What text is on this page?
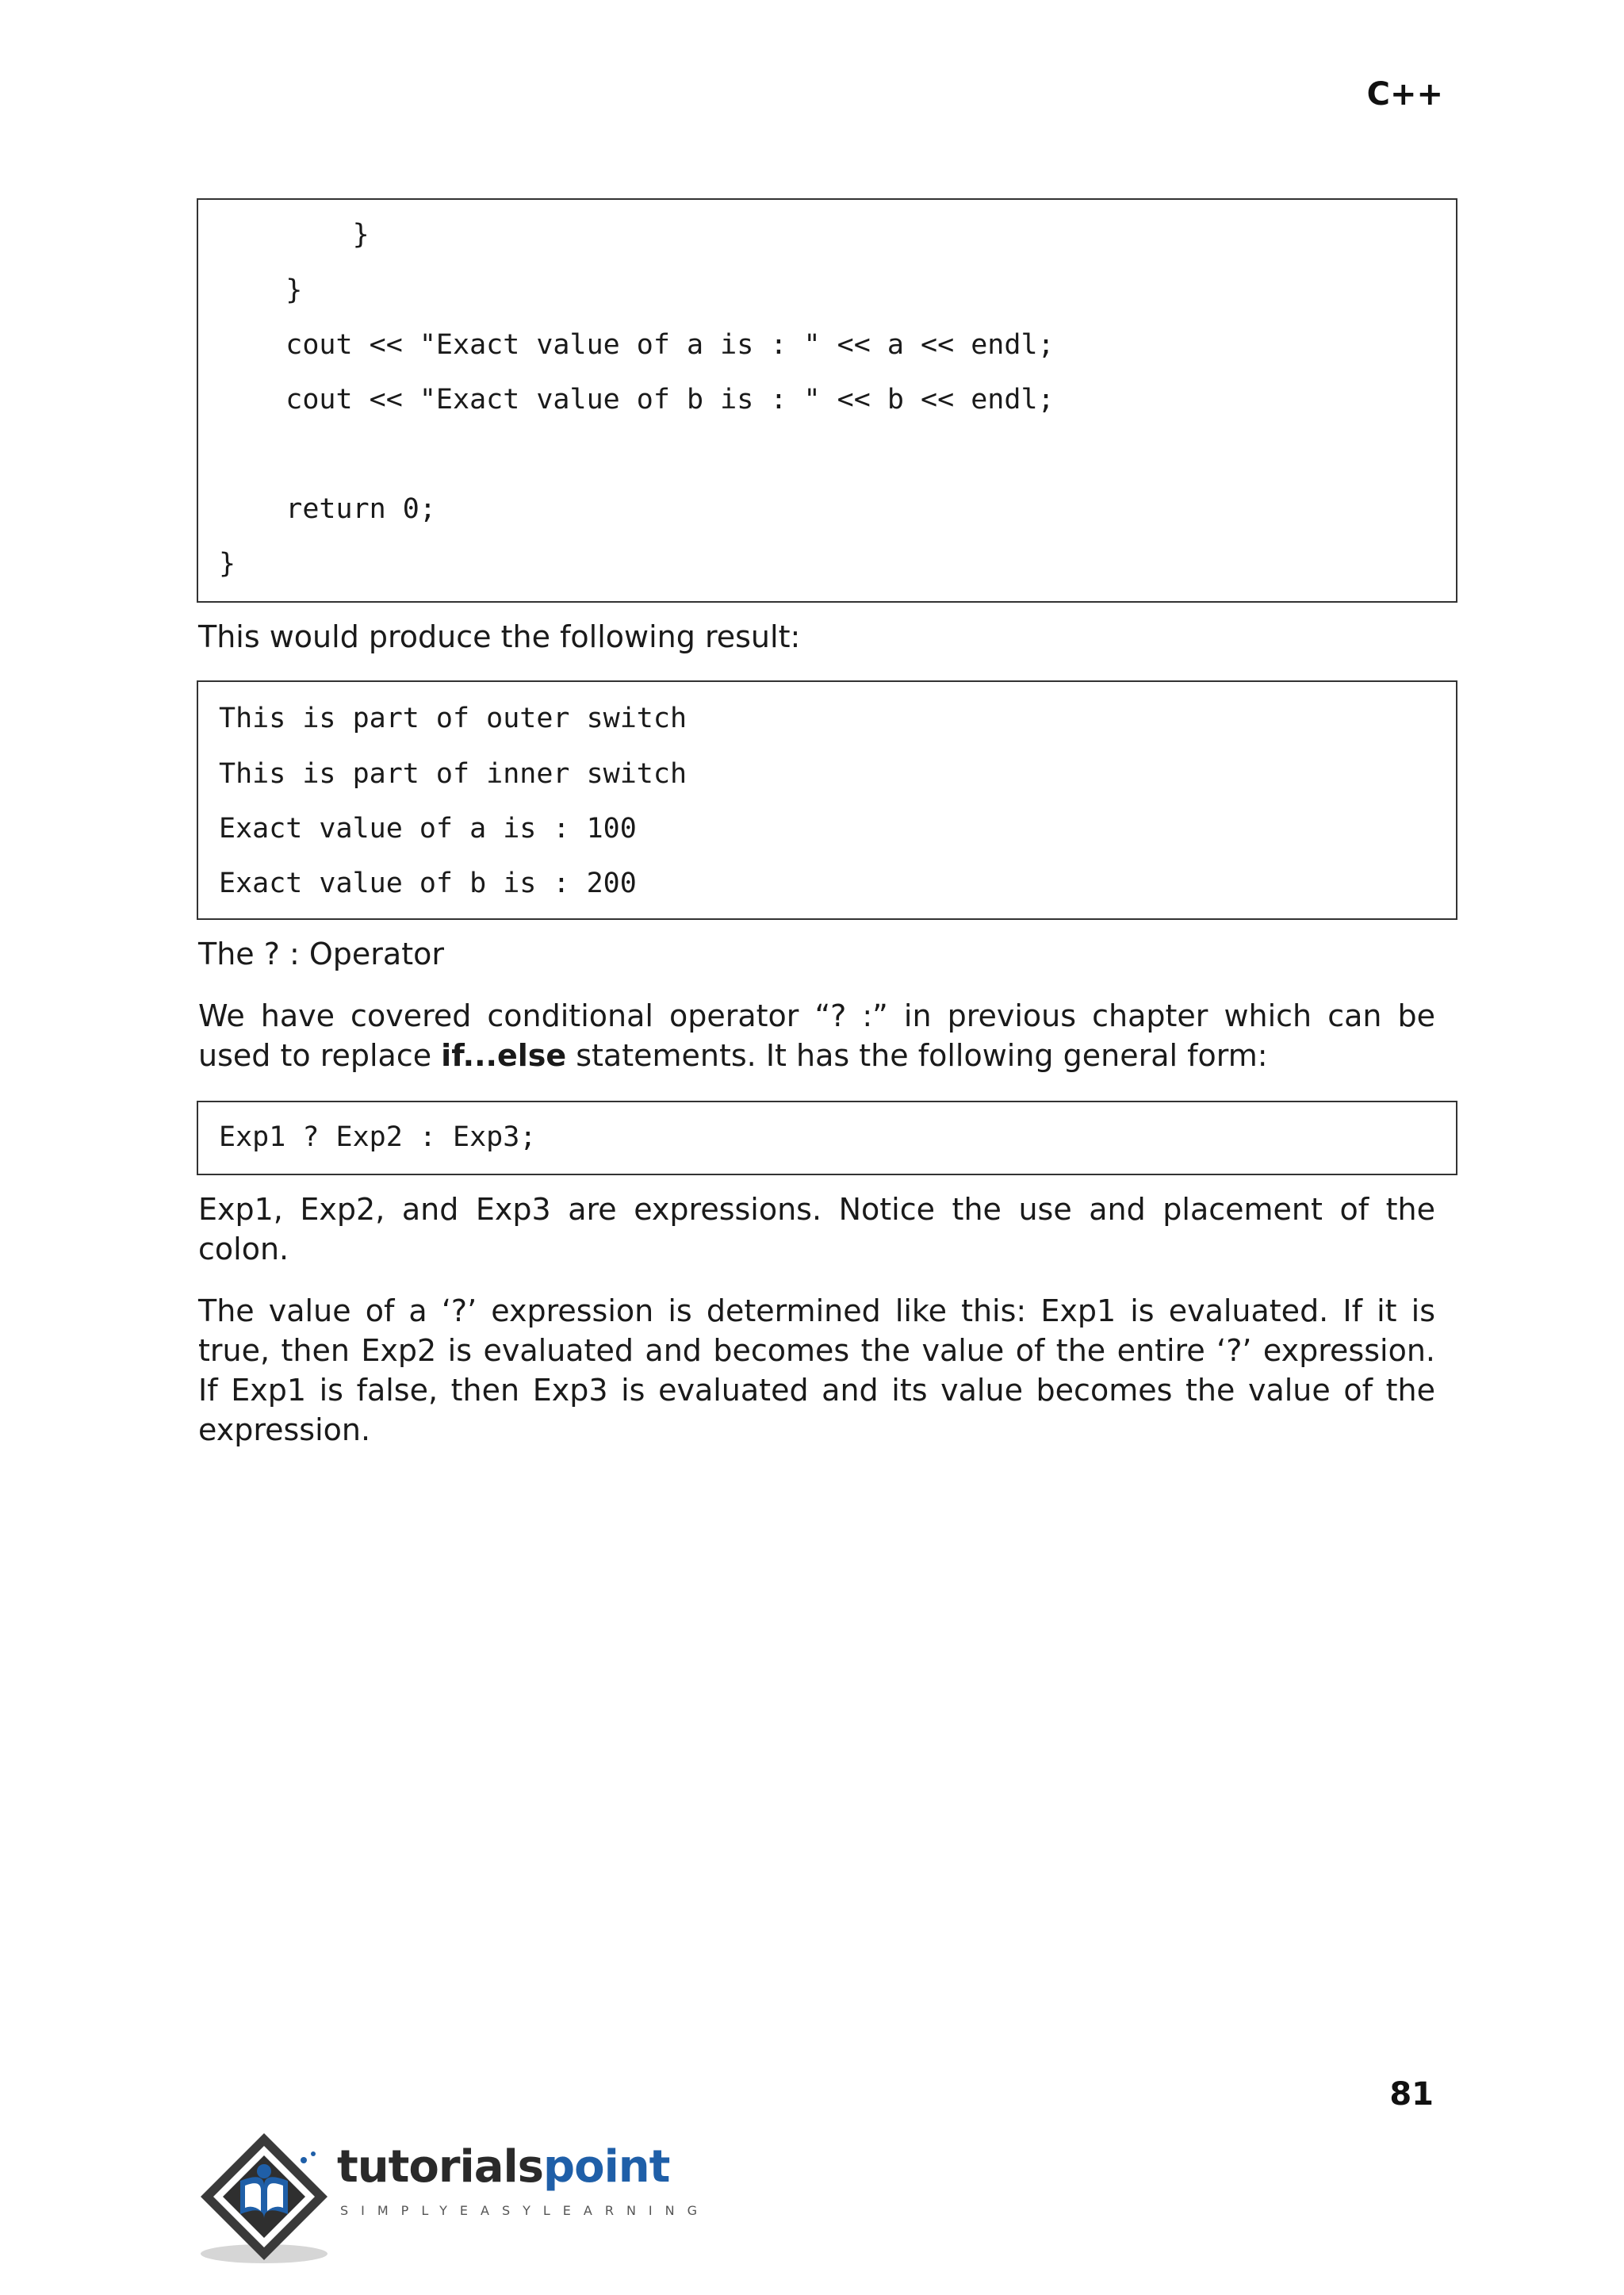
C++
}
}
cout << "Exact value of a is : " << a << endl;
cout << "Exact value of b is : " << b << endl;
return 0;
}
This would produce the following result:
This is part of outer switch
This is part of inner switch
Exact value of a is : 100
Exact value of b is : 200
The ? : Operator
We have covered conditional operator “? :” in previous chapter which can be used to replace if...else statements. It has the following general form:
Exp1 ? Exp2 : Exp3;
Exp1, Exp2, and Exp3 are expressions. Notice the use and placement of the colon.
The value of a ‘?’ expression is determined like this: Exp1 is evaluated. If it is true, then Exp2 is evaluated and becomes the value of the entire ‘?’ expression. If Exp1 is false, then Exp3 is evaluated and its value becomes the value of the expression.
81
tutorialspoint
SIMPLYEASYLEARNING
